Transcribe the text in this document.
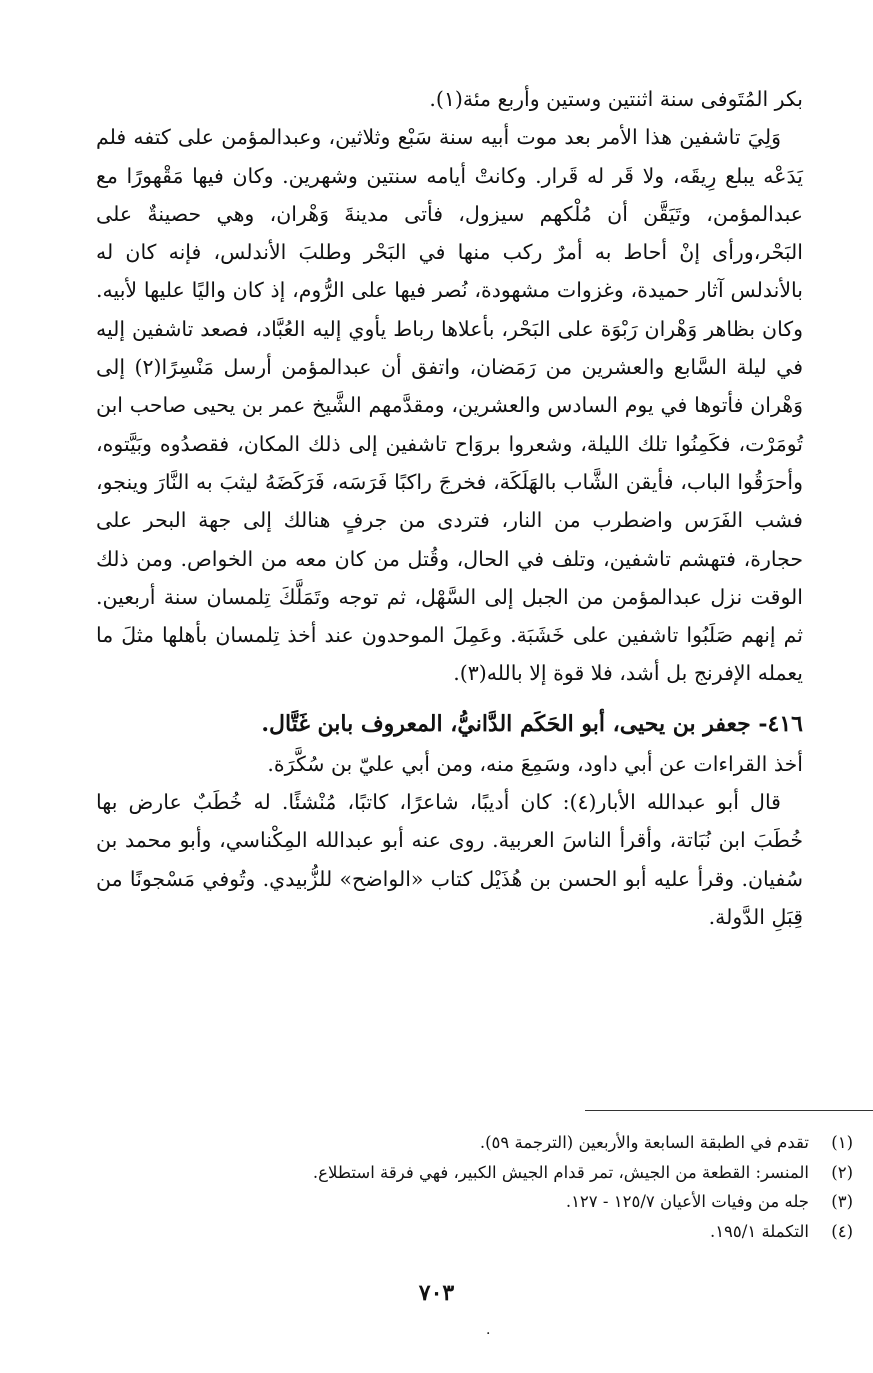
بكر المُتَوفى سنة اثنتين وستين وأربع مئة(١).

وَلِيَ تاشفين هذا الأمر بعد موت أبيه سنة سَبْع وثلاثين، وعبدالمؤمن على كتفه فلم يَدَعْه يبلع رِيقَه، ولا قَر له قَرار. وكانتْ أيامه سنتين وشهرين. وكان فيها مَقْهورًا مع عبدالمؤمن، وتَيَقَّن أن مُلْكهم سيزول، فأتى مدينةَ وَهْران، وهي حصينةٌ على البَحْر،ورأى إنْ أحاط به أمرٌ ركب منها في البَحْر وطلبَ الأندلس، فإنه كان له بالأندلس آثار حميدة، وغزوات مشهودة، نُصر فيها على الرُّوم، إذ كان واليًا عليها لأبيه. وكان بظاهر وَهْران رَبْوَة على البَحْر، بأعلاها رباط يأوي إليه العُبَّاد، فصعد تاشفين إليه في ليلة السَّابع والعشرين من رَمَضان، واتفق أن عبدالمؤمن أرسل مَنْسِرًا(٢) إلى وَهْران فأتوها في يوم السادس والعشرين، ومقدَّمهم الشَّيخ عمر بن يحيى صاحب ابن تُومَرْت، فكَمِنُوا تلك الليلة، وشعروا بروَاح تاشفين إلى ذلك المكان، فقصدُوه وبَيَّتوه، وأحرَقُوا الباب، فأيقن الشَّاب بالهَلَكَة، فخرجَ راكبًا فَرَسَه، فَرَكَضَهُ ليثبَ به النَّارَ وينجو، فشب الفَرَس واضطرب من النار، فتردى من جرفٍ هنالك إلى جهة البحر على حجارة، فتهشم تاشفين، وتلف في الحال، وقُتل من كان معه من الخواص. ومن ذلك الوقت نزل عبدالمؤمن من الجبل إلى السَّهْل، ثم توجه وتَمَلَّكَ تِلمسان سنة أربعين. ثم إنهم صَلَبُوا تاشفين على خَشَبَة. وعَمِلَ الموحدون عند أخذ تِلمسان بأهلها مثلَ ما يعمله الإفرنج بل أشد، فلا قوة إلا بالله(٣).

٤١٦- جعفر بن يحيى، أبو الحَكَم الدَّانيُّ، المعروف بابن غَتَّال.

أخذ القراءات عن أبي داود، وسَمِعَ منه، ومن أبي عليّ بن سُكَّرَة.

قال أبو عبدالله الأبار(٤): كان أديبًا، شاعرًا، كاتبًا، مُنْشئًا. له خُطَبٌ عارض بها خُطَبَ ابن نُبَاتة، وأقرأ الناسَ العربية. روى عنه أبو عبدالله المِكْناسي، وأبو محمد بن سُفيان. وقرأ عليه أبو الحسن بن هُذَيْل كتاب «الواضح» للزُّبيدي. وتُوفي مَسْجونًا من قِبَلِ الدَّولة.

(١)تقدم في الطبقة السابعة والأربعين (الترجمة ٥٩).

(٢)المنسر: القطعة من الجيش، تمر قدام الجيش الكبير، فهي فرقة استطلاع.

(٣)جله من وفيات الأعيان ١٢٥/٧ - ١٢٧.

(٤)التكملة ١٩٥/١.

٧٠٣
·
